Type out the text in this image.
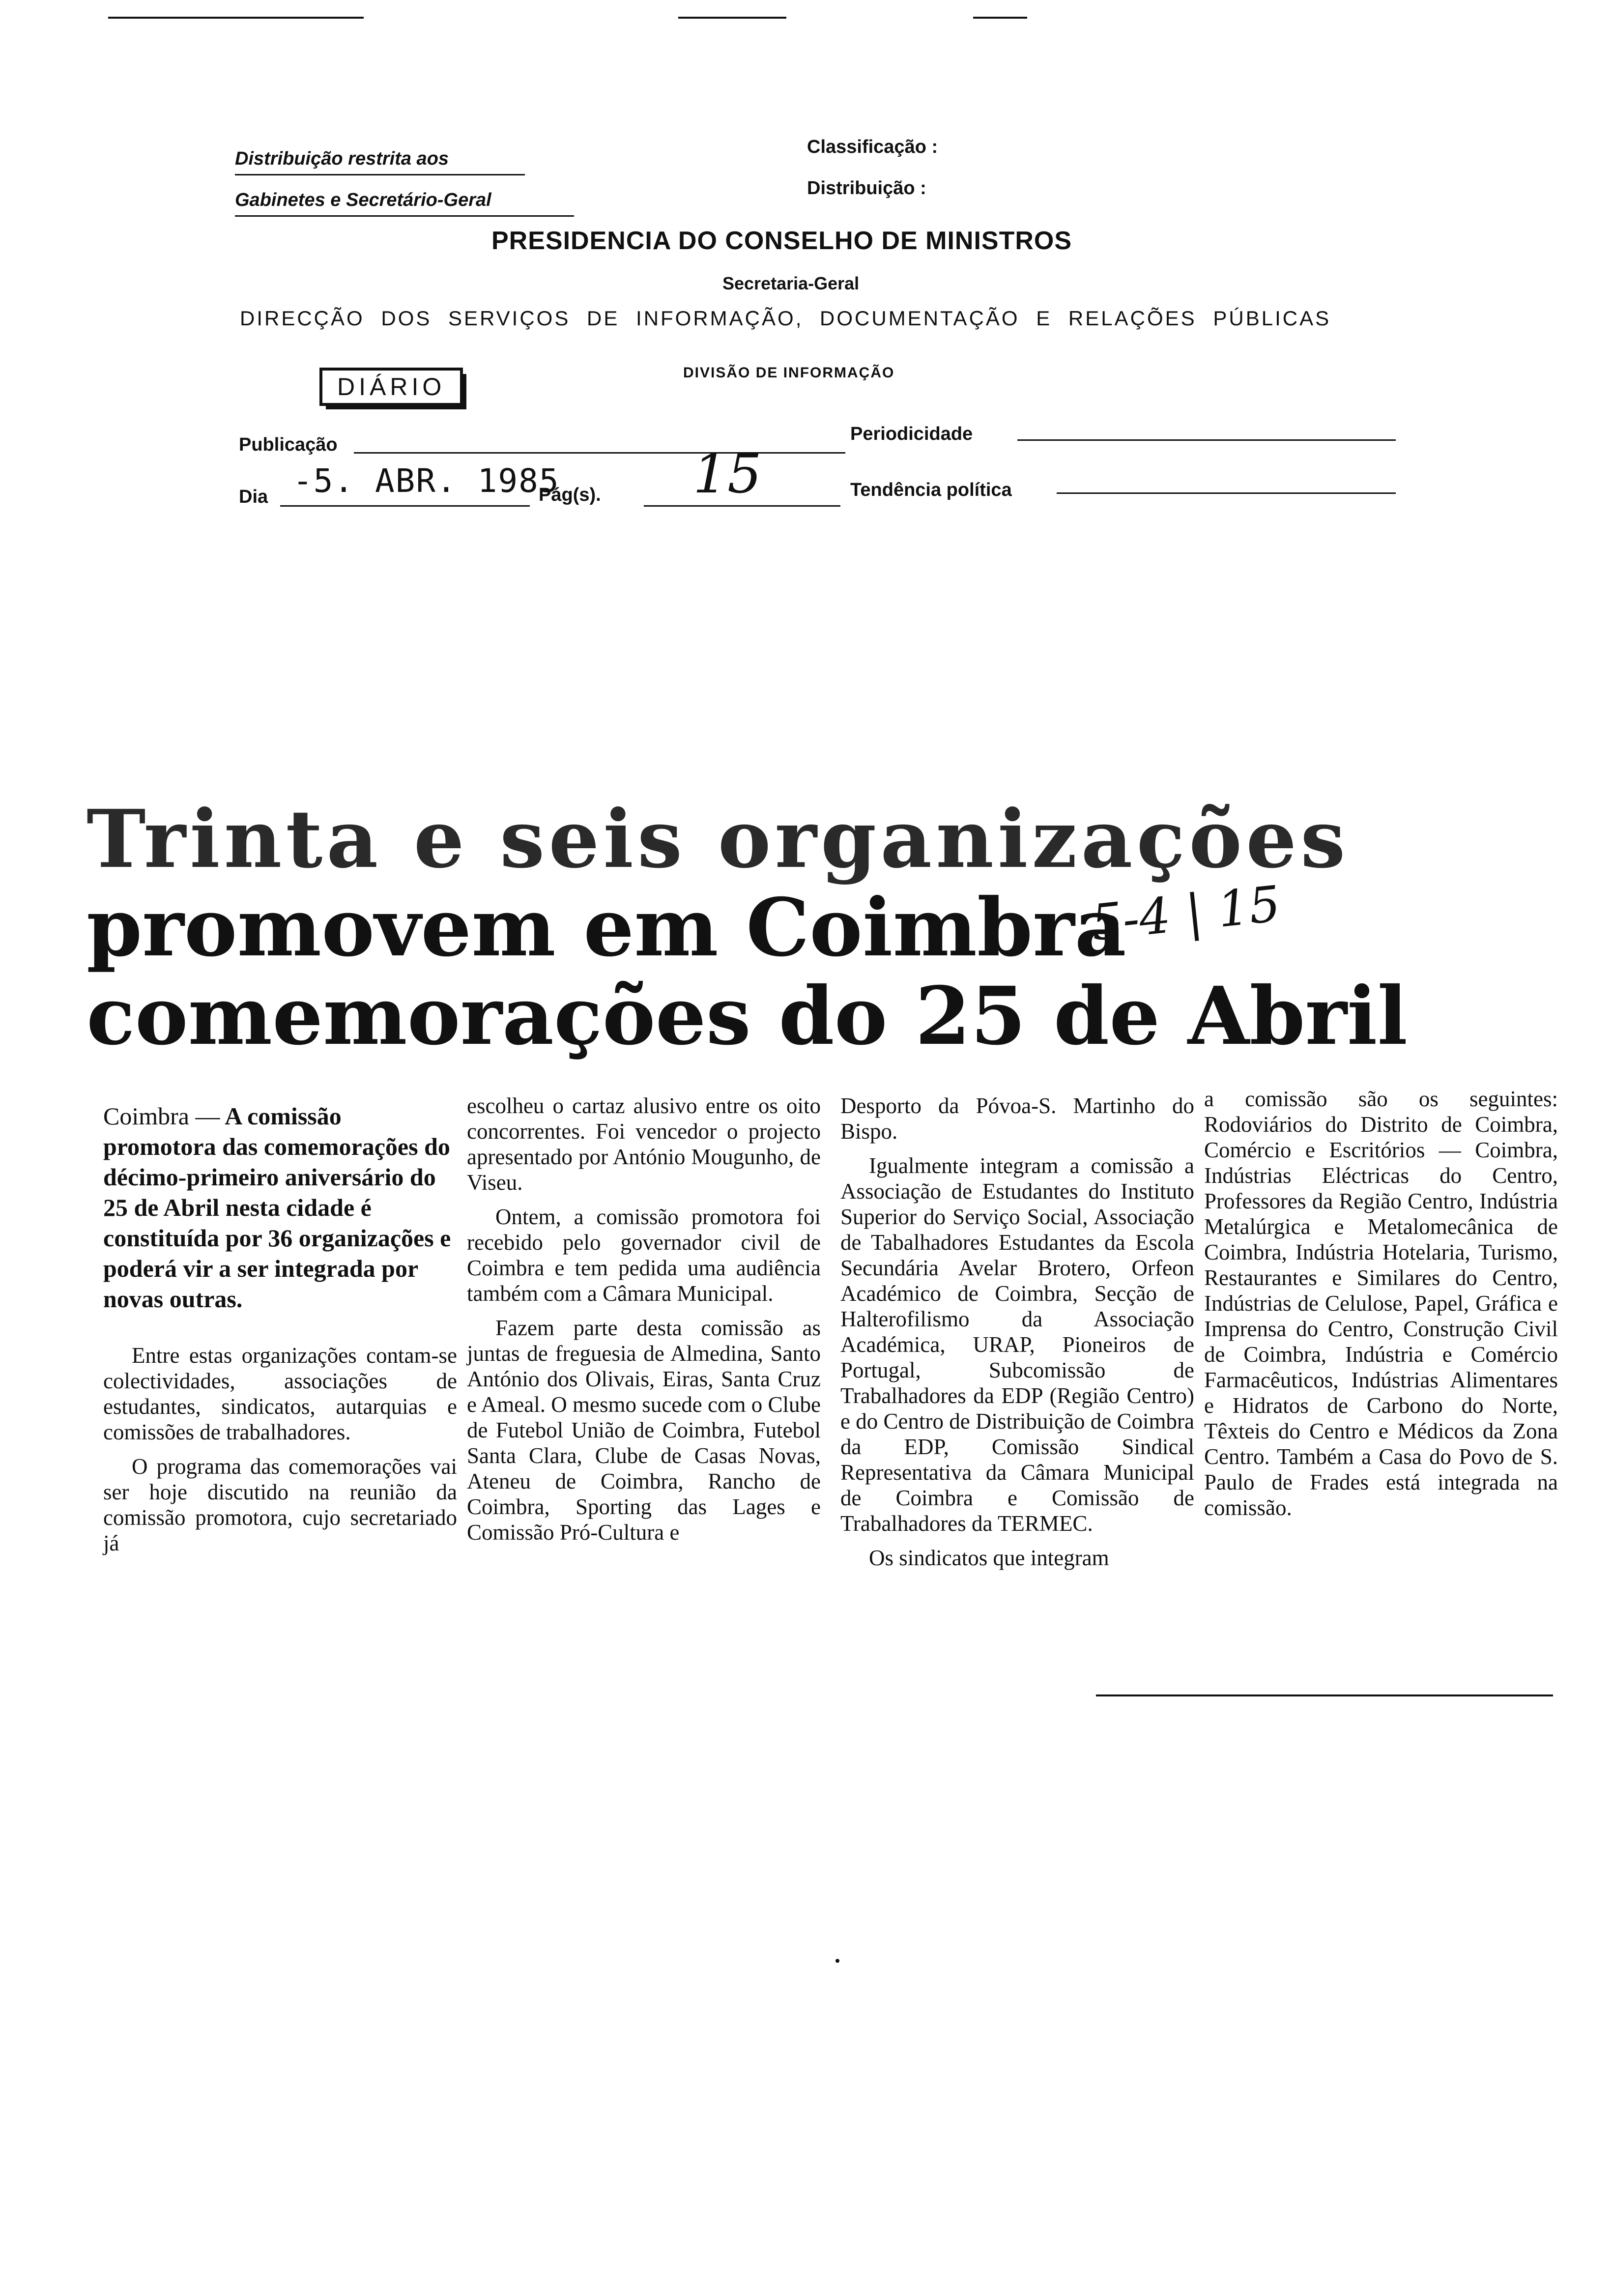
Distribuição restrita aos
Gabinetes e Secretário-Geral
Classificação :
Distribuição :
PRESIDENCIA DO CONSELHO DE MINISTROS
Secretaria-Geral
DIRECÇÃO DOS SERVIÇOS DE INFORMAÇÃO, DOCUMENTAÇÃO E RELAÇÕES PÚBLICAS
DIVISÃO DE INFORMAÇÃO
DIÁRIO
Publicação
Periodicidade
Dia -5. ABR. 1985
Pág(s). 15	Tendência política
Trinta e seis organizações
promovem em Coimbra
comemorações do 25 de Abril
5-4 | 15

Coimbra — A comissão promotora das comemorações do décimo-primeiro aniversário do 25 de Abril nesta cidade é constituída por 36 organizações e poderá vir a ser integrada por novas outras.

Entre estas organizações contam-se colectividades, associações de estudantes, sindicatos, autarquias e comissões de trabalhadores.

O programa das comemorações vai ser hoje discutido na reunião da comissão promotora, cujo secretariado já

escolheu o cartaz alusivo entre os oito concorrentes. Foi vencedor o projecto apresentado por António Mougunho, de Viseu.

Ontem, a comissão promotora foi recebido pelo governador civil de Coimbra e tem pedida uma audiência também com a Câmara Municipal.

Fazem parte desta comissão as juntas de freguesia de Almedina, Santo António dos Olivais, Eiras, Santa Cruz e Ameal. O mesmo sucede com o Clube de Futebol União de Coimbra, Futebol Santa Clara, Clube de Casas Novas, Ateneu de Coimbra, Rancho de Coimbra, Sporting das Lages e Comissão Pró-Cultura e

Desporto da Póvoa-S. Martinho do Bispo.

Igualmente integram a comissão a Associação de Estudantes do Instituto Superior do Serviço Social, Associação de Tabalhadores Estudantes da Escola Secundária Avelar Brotero, Orfeon Académico de Coimbra, Secção de Halterofilismo da Associação Académica, URAP, Pioneiros de Portugal, Subcomissão de Trabalhadores da EDP (Região Centro) e do Centro de Distribuição de Coimbra da EDP, Comissão Sindical Representativa da Câmara Municipal de Coimbra e Comissão de Trabalhadores da TERMEC.

Os sindicatos que integram

a comissão são os seguintes: Rodoviários do Distrito de Coimbra, Comércio e Escritórios — Coimbra, Indústrias Eléctricas do Centro, Professores da Região Centro, Indústria Metalúrgica e Metalomecânica de Coimbra, Indústria Hotelaria, Turismo, Restaurantes e Similares do Centro, Indústrias de Celulose, Papel, Gráfica e Imprensa do Centro, Construção Civil de Coimbra, Indústria e Comércio Farmacêuticos, Indústrias Alimentares e Hidratos de Carbono do Norte, Têxteis do Centro e Médicos da Zona Centro. Também a Casa do Povo de S. Paulo de Frades está integrada na comissão.
